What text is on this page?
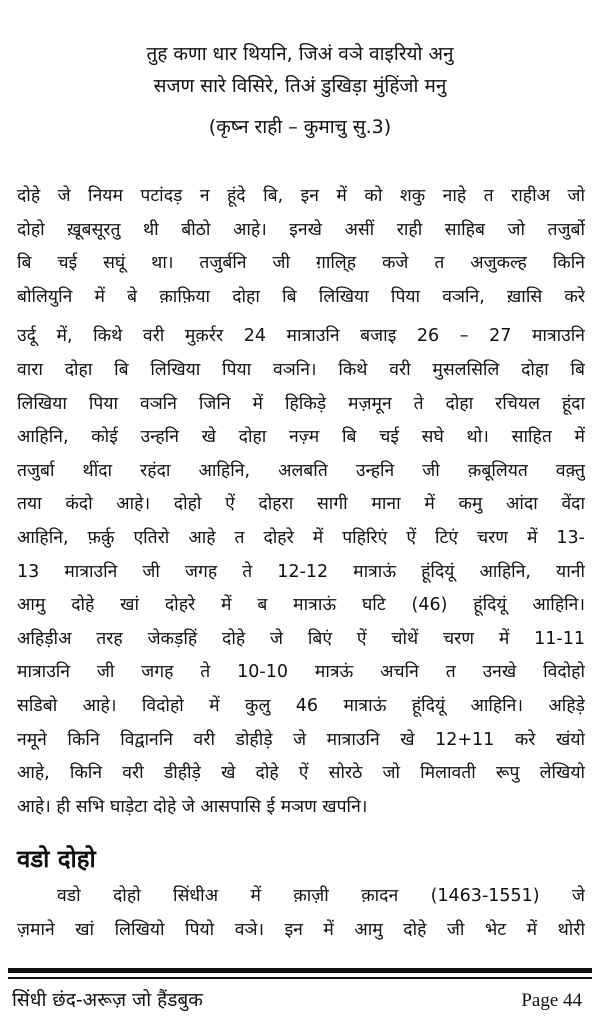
तुह कणा धार थियनि, जिअं वञे वाइरियो अनु
सजण सारे विसिरे, तिअं डुखिड़ा मुंहिंजो मनु
(कृष्न राही – कुमाचु सु.3)
दोहे जे नियम पटांदड़ न हूंदे बि, इन में को शकु नाहे त राहीअ जो
दोहो ख़ूबसूरतु थी बीठो आहे। इनखे असीं राही साहिब जो तजुर्बो
बि चई सघूं था। तजुर्बनि जी ग़ालि्ह कजे त अजुकल्ह किनि
बोलियुनि में बे क़ाफ़िया दोहा बि लिखिया पिया वञनि, ख़ासि करे
उर्दू में, किथे वरी मुक़र्रर 24 मात्राउनि बजाइ 26 – 27 मात्राउनि
वारा दोहा बि लिखिया पिया वञनि। किथे वरी मुसलसिलि दोहा बि
लिखिया पिया वञनि जिनि में हिकिड़े मज़मून ते दोहा रचियल हूंदा
आहिनि, कोई उन्हनि खे दोहा नज़्म बि चई सघे थो। साहित में
तजुर्बा थींदा रहंदा आहिनि, अलबति उन्हनि जी क़बूलियत वक़्तु
तया कंदो आहे। दोहो ऐं दोहरा सागी माना में कमु आंदा वेंदा
आहिनि, फ़र्क़ु एतिरो आहे त दोहरे में पहिरिएं ऐं टिएं चरण में 13-
13 मात्राउनि जी जगह ते 12-12 मात्राऊं हूंदियूं आहिनि, यानी
आमु दोहे खां दोहरे में ब मात्राऊं घटि (46) हूंदियूं आहिनि।
अहिड़ीअ तरह जेकड़हिं दोहे जे बिएं ऐं चोथें चरण में 11-11
मात्राउनि जी जगह ते 10-10 मात्रऊं अचनि त उनखे विदोहो
सडिबो आहे। विदोहो में कुलु 46 मात्राऊं हूंदियूं आहिनि। अहिड़े
नमूने किनि विद्वाननि वरी डोहीड़े जे मात्राउनि खे 12+11 करे खंयो
आहे, किनि वरी डीहीड़े खे दोहे ऐं सोरठे जो मिलावती रूपु लेखियो
आहे। ही सभि घाड़ेटा दोहे जे आसपासि ई मञण खपनि।
वडो दोहो
वडो दोहो सिंधीअ में क़ाज़ी क़ादन (1463-1551) जे
ज़माने खां लिखियो पियो वञे। इन में आमु दोहे जी भेट में थोरी
सिंधी छंद-अरूज़ जो हैंडबुक	Page 44
